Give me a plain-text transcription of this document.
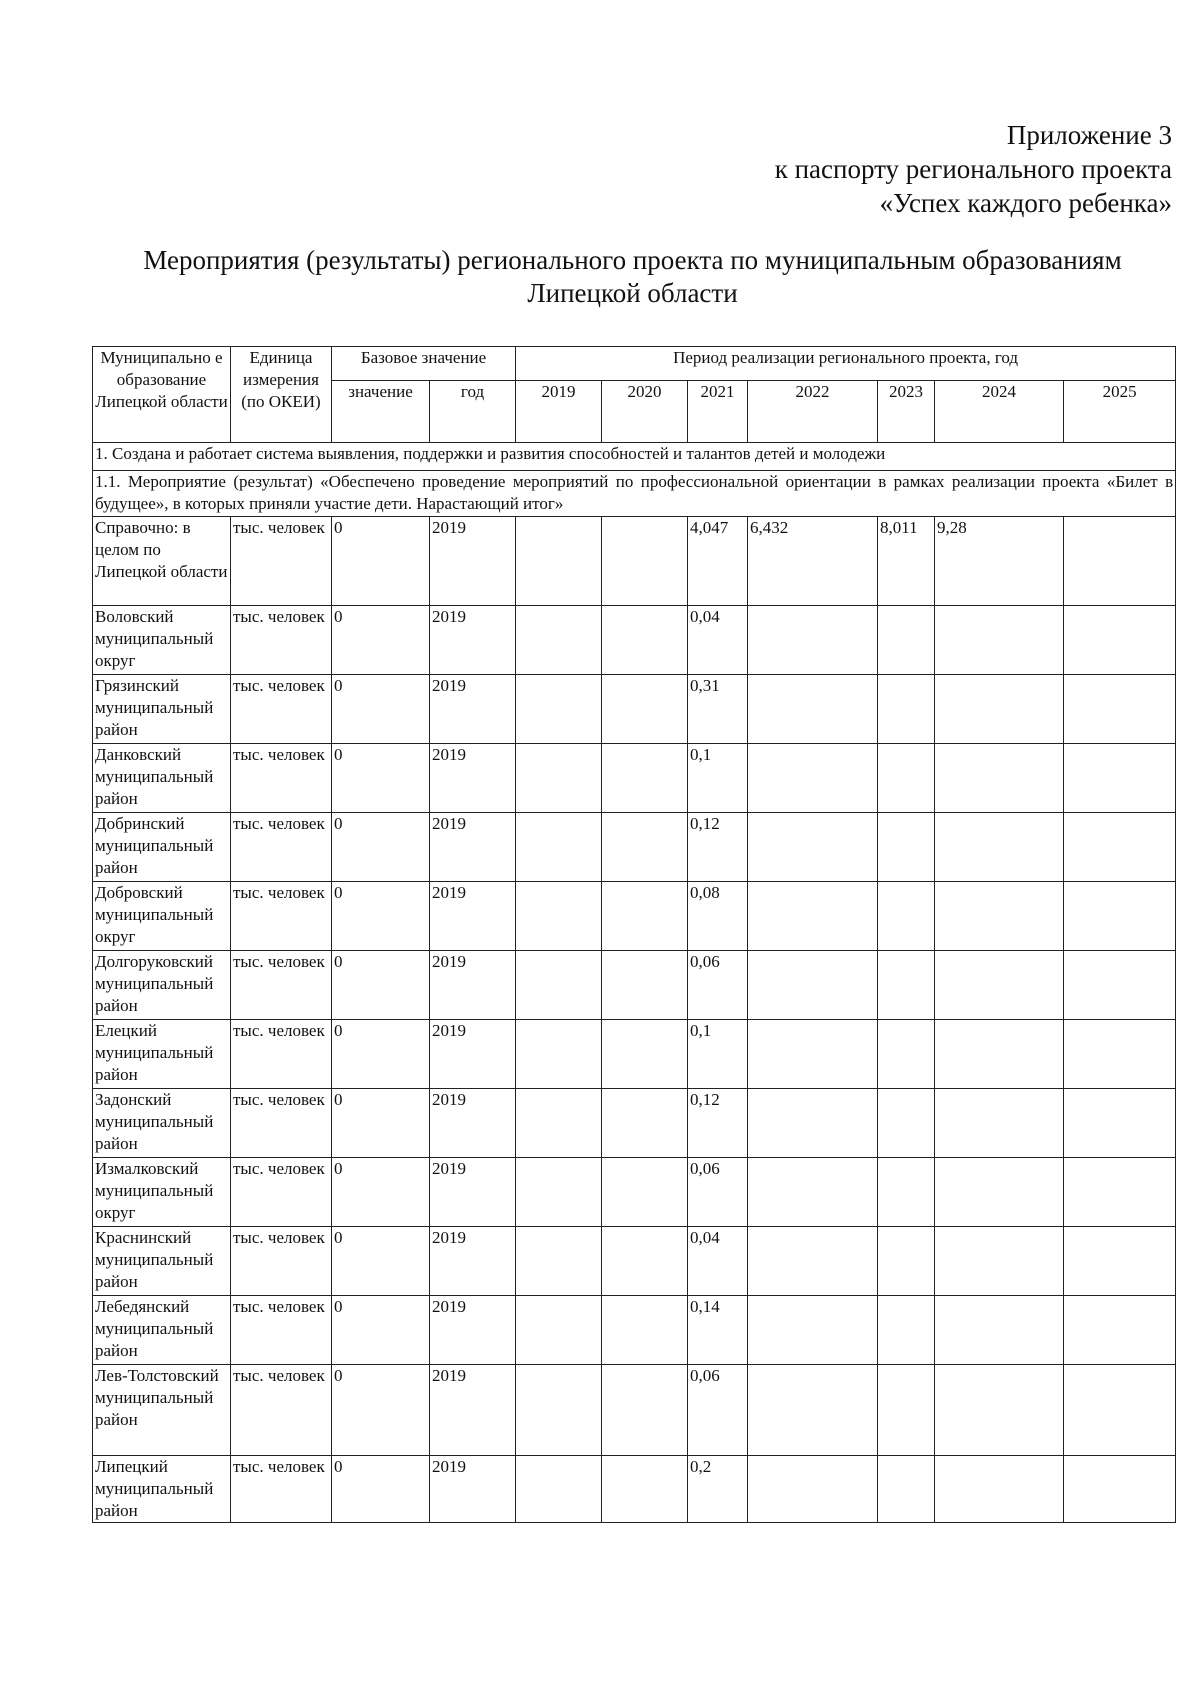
Приложение 3
к паспорту регионального проекта
«Успех каждого ребенка»
Мероприятия (результаты) регионального проекта по муниципальным образованиям
Липецкой области
Муниципально е образование Липецкой области	Единица измерения (по ОКЕИ)	Базовое значение		Период реализации регионального проекта, год						
		значение	год	2019	2020	2021	2022	2023	2024	2025
1. Создана и работает система выявления, поддержки и развития способностей и талантов детей и молодежи										
1.1. Мероприятие (результат) «Обеспечено проведение мероприятий по профессиональной ориентации в рамках реализации проекта «Билет в будущее», в которых приняли участие дети. Нарастающий итог»										
Справочно: в целом по Липецкой области	тыс. человек	0	2019			4,047	6,432	8,011	9,28	
Воловский муниципальный округ	тыс. человек	0	2019			0,04				
Грязинский муниципальный район	тыс. человек	0	2019			0,31				
Данковский муниципальный район	тыс. человек	0	2019			0,1				
Добринский муниципальный район	тыс. человек	0	2019			0,12				
Добровский муниципальный округ	тыс. человек	0	2019			0,08				
Долгоруковский муниципальный район	тыс. человек	0	2019			0,06				
Елецкий муниципальный район	тыс. человек	0	2019			0,1				
Задонский муниципальный район	тыс. человек	0	2019			0,12				
Измалковский муниципальный округ	тыс. человек	0	2019			0,06				
Краснинский муниципальный район	тыс. человек	0	2019			0,04				
Лебедянский муниципальный район	тыс. человек	0	2019			0,14				
Лев-Толстовский муниципальный район	тыс. человек	0	2019			0,06				
Липецкий муниципальный район	тыс. человек	0	2019			0,2				
